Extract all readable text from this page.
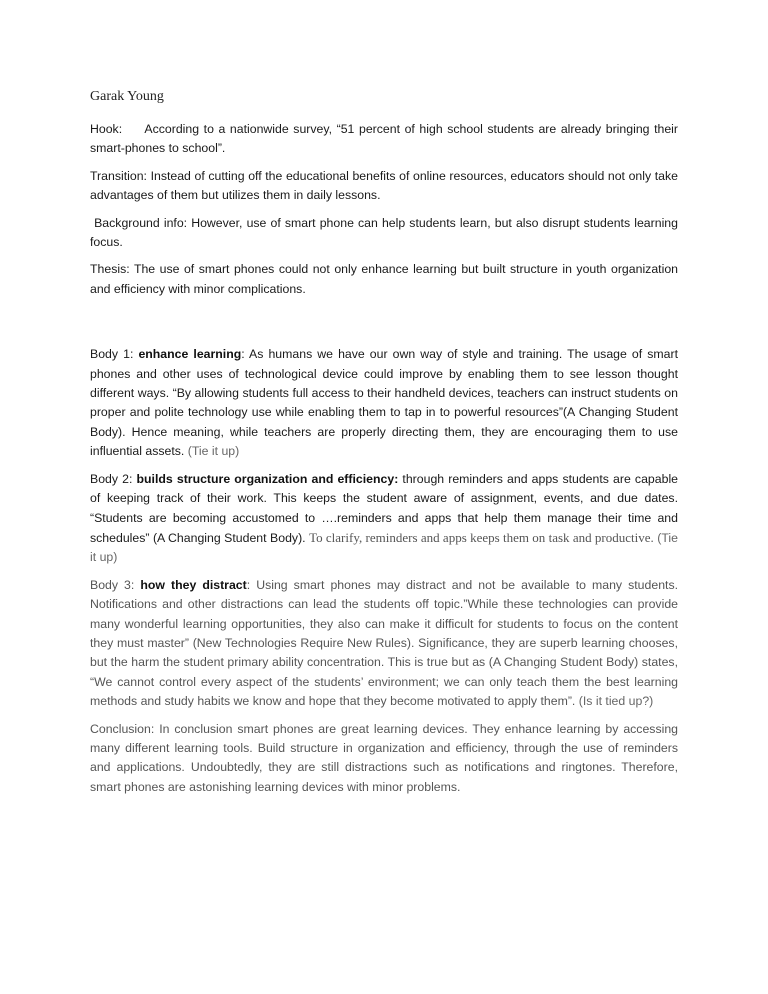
Garak Young

Hook: According to a nationwide survey, “51 percent of high school students are already bringing their smart-phones to school”.

Transition: Instead of cutting off the educational benefits of online resources, educators should not only take advantages of them but utilizes them in daily lessons.

Background info: However, use of smart phone can help students learn, but also disrupt students learning focus.

Thesis: The use of smart phones could not only enhance learning but built structure in youth organization and efficiency with minor complications.

Body 1: enhance learning: As humans we have our own way of style and training. The usage of smart phones and other uses of technological device could improve by enabling them to see lesson thought different ways. “By allowing students full access to their handheld devices, teachers can instruct students on proper and polite technology use while enabling them to tap in to powerful resources”(A Changing Student Body). Hence meaning, while teachers are properly directing them, they are encouraging them to use influential assets. (Tie it up)

Body 2: builds structure organization and efficiency: through reminders and apps students are capable of keeping track of their work. This keeps the student aware of assignment, events, and due dates. “Students are becoming accustomed to ….reminders and apps that help them manage their time and schedules” (A Changing Student Body). To clarify, reminders and apps keeps them on task and productive. (Tie it up)

Body 3: how they distract: Using smart phones may distract and not be available to many students. Notifications and other distractions can lead the students off topic.”While these technologies can provide many wonderful learning opportunities, they also can make it difficult for students to focus on the content they must master” (New Technologies Require New Rules). Significance, they are superb learning chooses, but the harm the student primary ability concentration. This is true but as (A Changing Student Body) states, “We cannot control every aspect of the students’ environment; we can only teach them the best learning methods and study habits we know and hope that they become motivated to apply them”. (Is it tied up?)

Conclusion: In conclusion smart phones are great learning devices. They enhance learning by accessing many different learning tools. Build structure in organization and efficiency, through the use of reminders and applications. Undoubtedly, they are still distractions such as notifications and ringtones. Therefore, smart phones are astonishing learning devices with minor problems.
